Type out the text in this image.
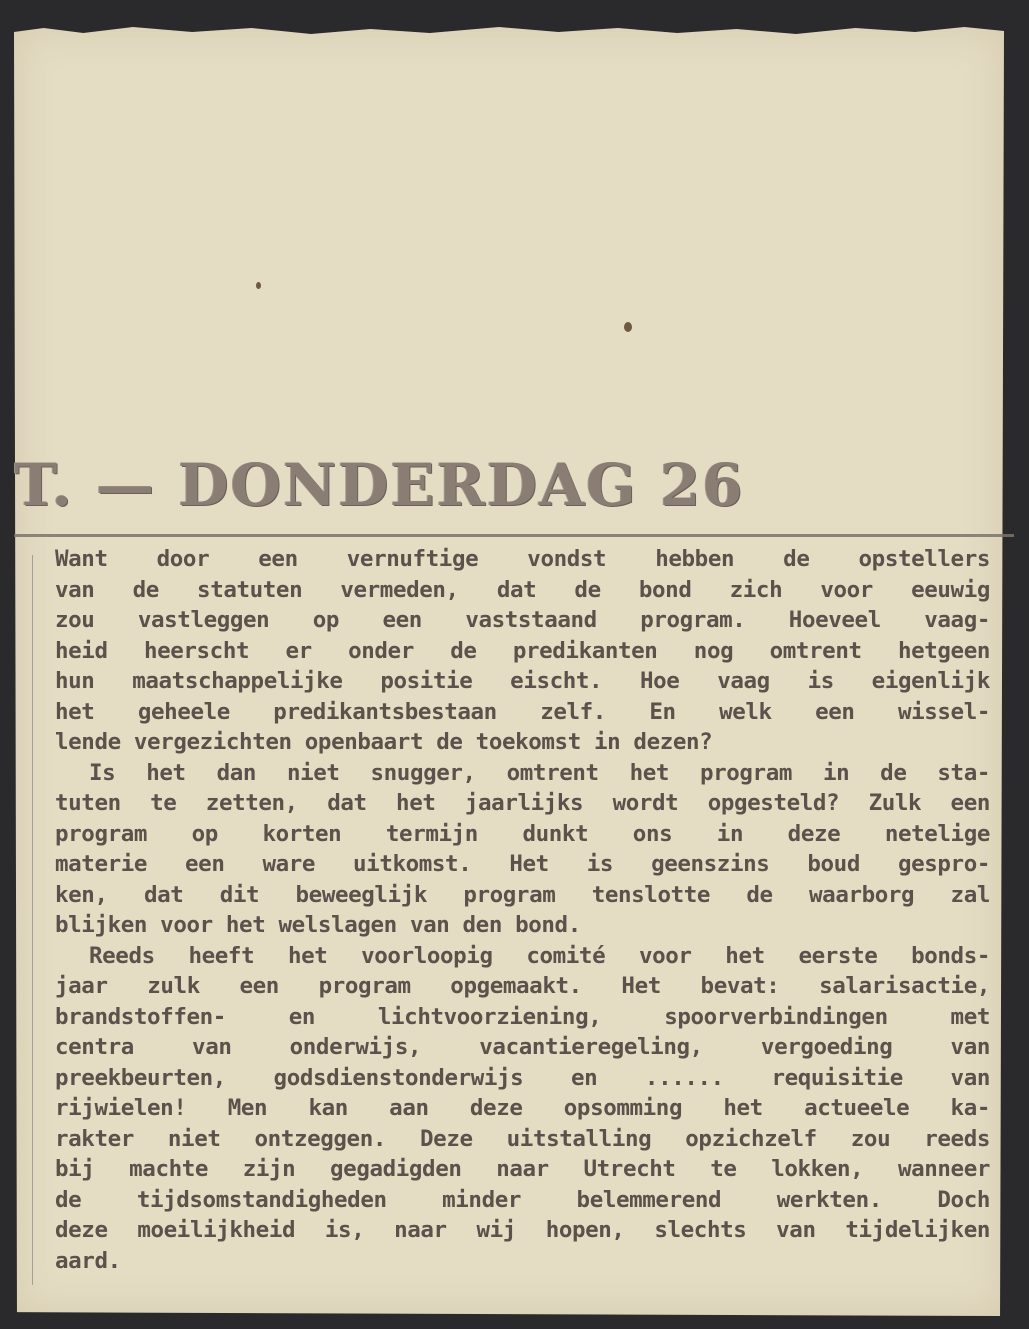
T. — DONDERDAG 26
Want door een vernuftige vondst hebben de opstellers
van de statuten vermeden, dat de bond zich voor eeuwig
zou vastleggen op een vaststaand program. Hoeveel vaag-
heid heerscht er onder de predikanten nog omtrent hetgeen
hun maatschappelijke positie eischt. Hoe vaag is eigenlijk
het geheele predikantsbestaan zelf. En welk een wissel-
lende vergezichten openbaart de toekomst in dezen?
Is het dan niet snugger, omtrent het program in de sta-
tuten te zetten, dat het jaarlijks wordt opgesteld? Zulk een
program op korten termijn dunkt ons in deze netelige
materie een ware uitkomst. Het is geenszins boud gespro-
ken, dat dit beweeglijk program tenslotte de waarborg zal
blijken voor het welslagen van den bond.
Reeds heeft het voorloopig comité voor het eerste bonds-
jaar zulk een program opgemaakt. Het bevat: salarisactie,
brandstoffen- en lichtvoorziening, spoorverbindingen met
centra van onderwijs, vacantieregeling, vergoeding van
preekbeurten, godsdienstonderwijs en ...... requisitie van
rijwielen! Men kan aan deze opsomming het actueele ka-
rakter niet ontzeggen. Deze uitstalling opzichzelf zou reeds
bij machte zijn gegadigden naar Utrecht te lokken, wanneer
de tijdsomstandigheden minder belemmerend werkten. Doch
deze moeilijkheid is, naar wij hopen, slechts van tijdelijken
aard.
